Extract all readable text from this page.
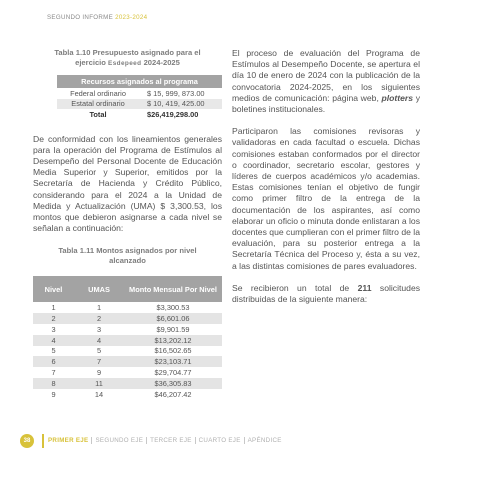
SEGUNDO INFORME 2023-2024
Tabla 1.10 Presupuesto asignado para el
ejercicio Esdepeed 2024-2025
Recursos asignados al programa	
Federal ordinario	$ 15, 999, 873.00
Estatal ordinario	$ 10, 419, 425.00
Total	$26,419,298.00

De conformidad con los lineamientos generales para la operación del Programa de Estímulos al Desempeño del Personal Docente de Educación Media Superior y Superior, emitidos por la Secretaría de Hacienda y Crédito Público, considerando para el 2024 a la Unidad de Medida y Actualización (UMA) $ 3,300.53, los montos que debieron asignarse a cada nivel se señalan a continuación:

Tabla 1.11 Montos asignados por nivel
alcanzado
Nivel	UMAS	Monto Mensual Por Nivel
1	1	$3,300.53
2	2	$6,601.06
3	3	$9,901.59
4	4	$13,202.12
5	5	$16,502.65
6	7	$23,103.71
7	9	$29,704.77
8	11	$36,305.83
9	14	$46,207.42

El proceso de evaluación del Programa de Estímulos al Desempeño Docente, se apertura el día 10 de enero de 2024 con la publicación de la convocatoria 2024-2025, en los siguientes medios de comunicación: página web, plotters y boletines institucionales.

Participaron las comisiones revisoras y validadoras en cada facultad o escuela. Dichas comisiones estaban conformados por el director o coordinador, secretario escolar, gestores y líderes de cuerpos académicos y/o academias. Estas comisiones tenían el objetivo de fungir como primer filtro de la entrega de la documentación de los aspirantes, así como elaborar un oficio o minuta donde enlistaran a los docentes que cumplieran con el primer filtro de la evaluación, para su posterior entrega a la Secretaría Técnica del Proceso y, ésta a su vez, a las distintas comisiones de pares evaluadores.

Se recibieron un total de 211 solicitudes distribuidas de la siguiente manera:

38	PRIMER EJE	SEGUNDO EJE	TERCER EJE	CUARTO EJE	APÉNDICE
